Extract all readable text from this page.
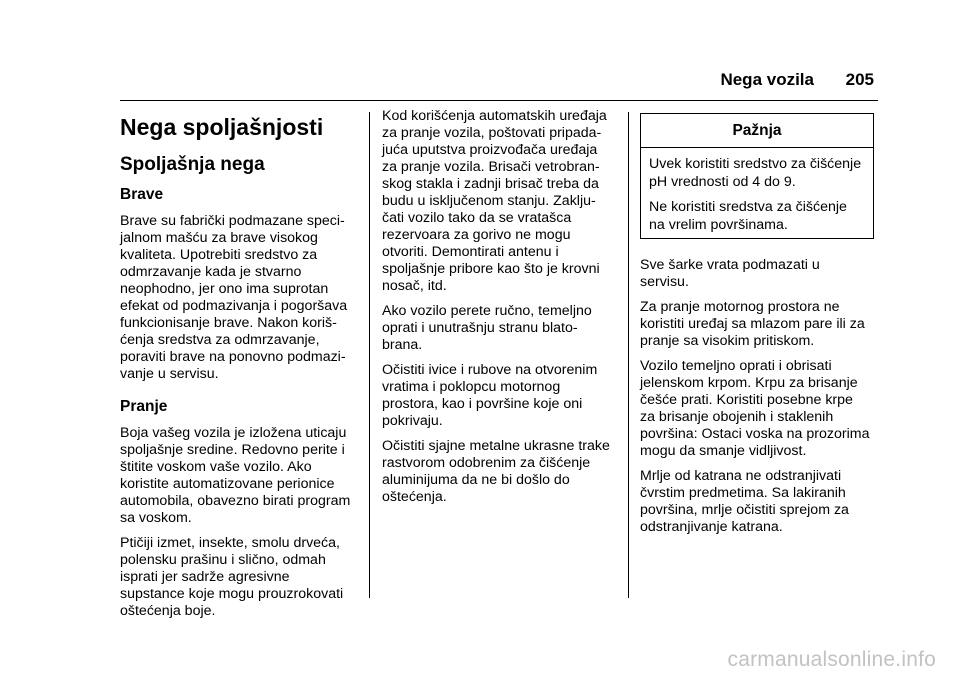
Nega vozila 205
Nega spoljašnjosti
Spoljašnja nega
Brave

Brave su fabrički podmazane speci-
jalnom mašću za brave visokog
kvaliteta. Upotrebiti sredstvo za
odmrzavanje kada je stvarno
neophodno, jer ono ima suprotan
efekat od podmazivanja i pogoršava
funkcionisanje brave. Nakon koriš-
ćenja sredstva za odmrzavanje,
poraviti brave na ponovno podmazi-
vanje u servisu.

Pranje

Boja vašeg vozila je izložena uticaju
spoljašnje sredine. Redovno perite i
štitite voskom vaše vozilo. Ako
koristite automatizovane perionice
automobila, obavezno birati program
sa voskom.

Ptičiji izmet, insekte, smolu drveća,
polensku prašinu i slično, odmah
isprati jer sadrže agresivne
supstance koje mogu prouzrokovati
oštećenja boje.

Kod korišćenja automatskih uređaja
za pranje vozila, poštovati pripada-
juća uputstva proizvođača uređaja
za pranje vozila. Brisači vetrobran-
skog stakla i zadnji brisač treba da
budu u isključenom stanju. Zaklju-
čati vozilo tako da se vratašca
rezervoara za gorivo ne mogu
otvoriti. Demontirati antenu i
spoljašnje pribore kao što je krovni
nosač, itd.

Ako vozilo perete ručno, temeljno
oprati i unutrašnju stranu blato-
brana.

Očistiti ivice i rubove na otvorenim
vratima i poklopcu motornog
prostora, kao i površine koje oni
pokrivaju.

Očistiti sjajne metalne ukrasne trake
rastvorom odobrenim za čišćenje
aluminijuma da ne bi došlo do
oštećenja.

Pažnja

Uvek koristiti sredstvo za čišćenje
pH vrednosti od 4 do 9.

Ne koristiti sredstva za čišćenje
na vrelim površinama.

Sve šarke vrata podmazati u
servisu.

Za pranje motornog prostora ne
koristiti uređaj sa mlazom pare ili za
pranje sa visokim pritiskom.

Vozilo temeljno oprati i obrisati
jelenskom krpom. Krpu za brisanje
češće prati. Koristiti posebne krpe
za brisanje obojenih i staklenih
površina: Ostaci voska na prozorima
mogu da smanje vidljivost.

Mrlje od katrana ne odstranjivati
čvrstim predmetima. Sa lakiranih
površina, mrlje očistiti sprejom za
odstranjivanje katrana.

carmanualsonline.info
